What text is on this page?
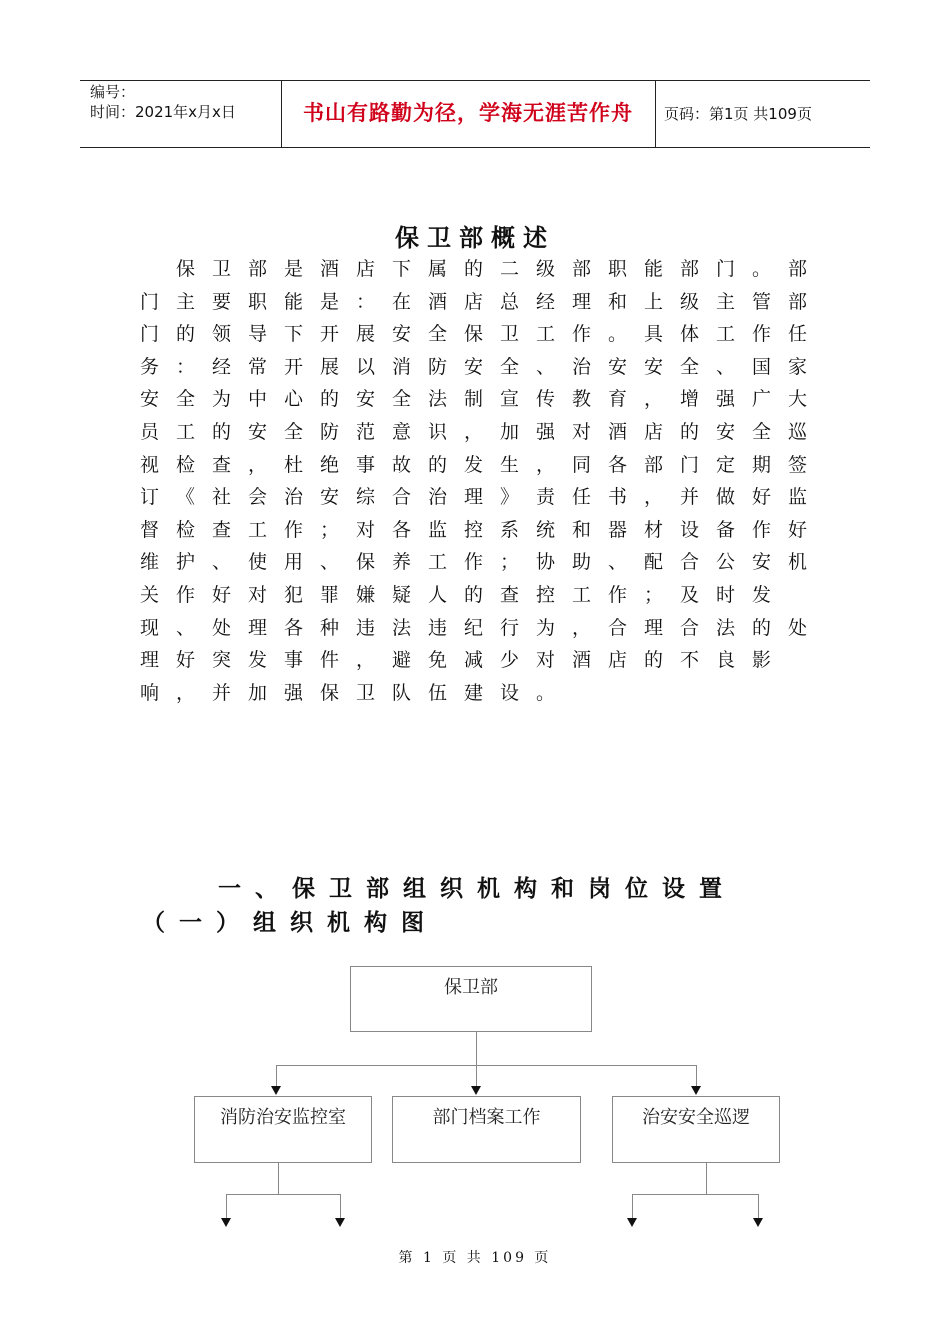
编号：
时间：2021年x月x日	书山有路勤为径，学海无涯苦作舟	页码：第1页 共109页
保卫部概述
保卫部是酒店下属的二级部职能部门。部门主要职能是：在酒店总经理和上级主管部门的领导下开展安全保卫工作。具体工作任务：经常开展以消防安全、治安安全、国家安全为中心的安全法制宣传教育，增强广大员工的安全防范意识，加强对酒店的安全巡视检查，杜绝事故的发生，同各部门定期签订《社会治安综合治理》责任书，并做好监督检查工作；对各监控系统和器材设备作好维护、使用、保养工作；协助、配合公安机关作好对犯罪嫌疑人的查控工作；及时发现、处理各种违法违纪行为，合理合法的处理好突发事件，避免减少对酒店的不良影响，并加强保卫队伍建设。
一、保卫部组织机构和岗位设置
（一）组织机构图
保卫部
消防治安监控室	部门档案工作	治安安全巡逻
第 1 页 共 109 页
